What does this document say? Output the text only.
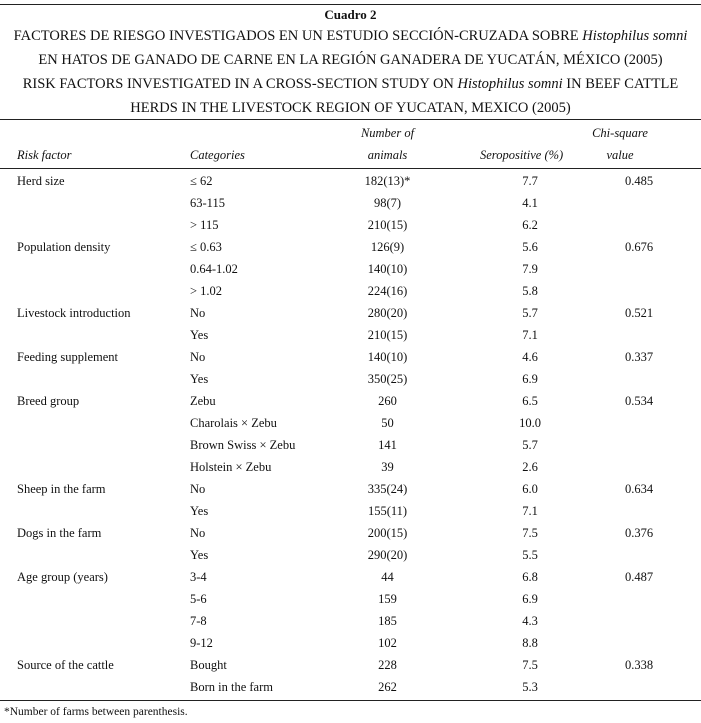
Cuadro 2
FACTORES DE RIESGO INVESTIGADOS EN UN ESTUDIO SECCIÓN-CRUZADA SOBRE Histophilus somni
EN HATOS DE GANADO DE CARNE EN LA REGIÓN GANADERA DE YUCATÁN, MÉXICO (2005)
RISK FACTORS INVESTIGATED IN A CROSS-SECTION STUDY ON Histophilus somni IN BEEF CATTLE
HERDS IN THE LIVESTOCK REGION OF YUCATAN, MEXICO (2005)
Risk factor	Categories
Number of
animals	Seropositive (%)
Chi-square
value
Herd size	≤ 62	182(13)*	7.7	0.485
	63-115	98(7)	4.1	
	> 115	210(15)	6.2	
Population density	≤ 0.63	126(9)	5.6	0.676
	0.64-1.02	140(10)	7.9	
	> 1.02	224(16)	5.8	
Livestock introduction	No	280(20)	5.7	0.521
	Yes	210(15)	7.1	
Feeding supplement	No	140(10)	4.6	0.337
	Yes	350(25)	6.9	
Breed group	Zebu	260	6.5	0.534
	Charolais × Zebu	50	10.0	
	Brown Swiss × Zebu	141	5.7	
	Holstein × Zebu	39	2.6	
Sheep in the farm	No	335(24)	6.0	0.634
	Yes	155(11)	7.1	
Dogs in the farm	No	200(15)	7.5	0.376
	Yes	290(20)	5.5	
Age group (years)	3-4	44	6.8	0.487
	5-6	159	6.9	
	7-8	185	4.3	
	9-12	102	8.8	
Source of the cattle	Bought	228	7.5	0.338
	Born in the farm	262	5.3	
*Number of farms between parenthesis.
